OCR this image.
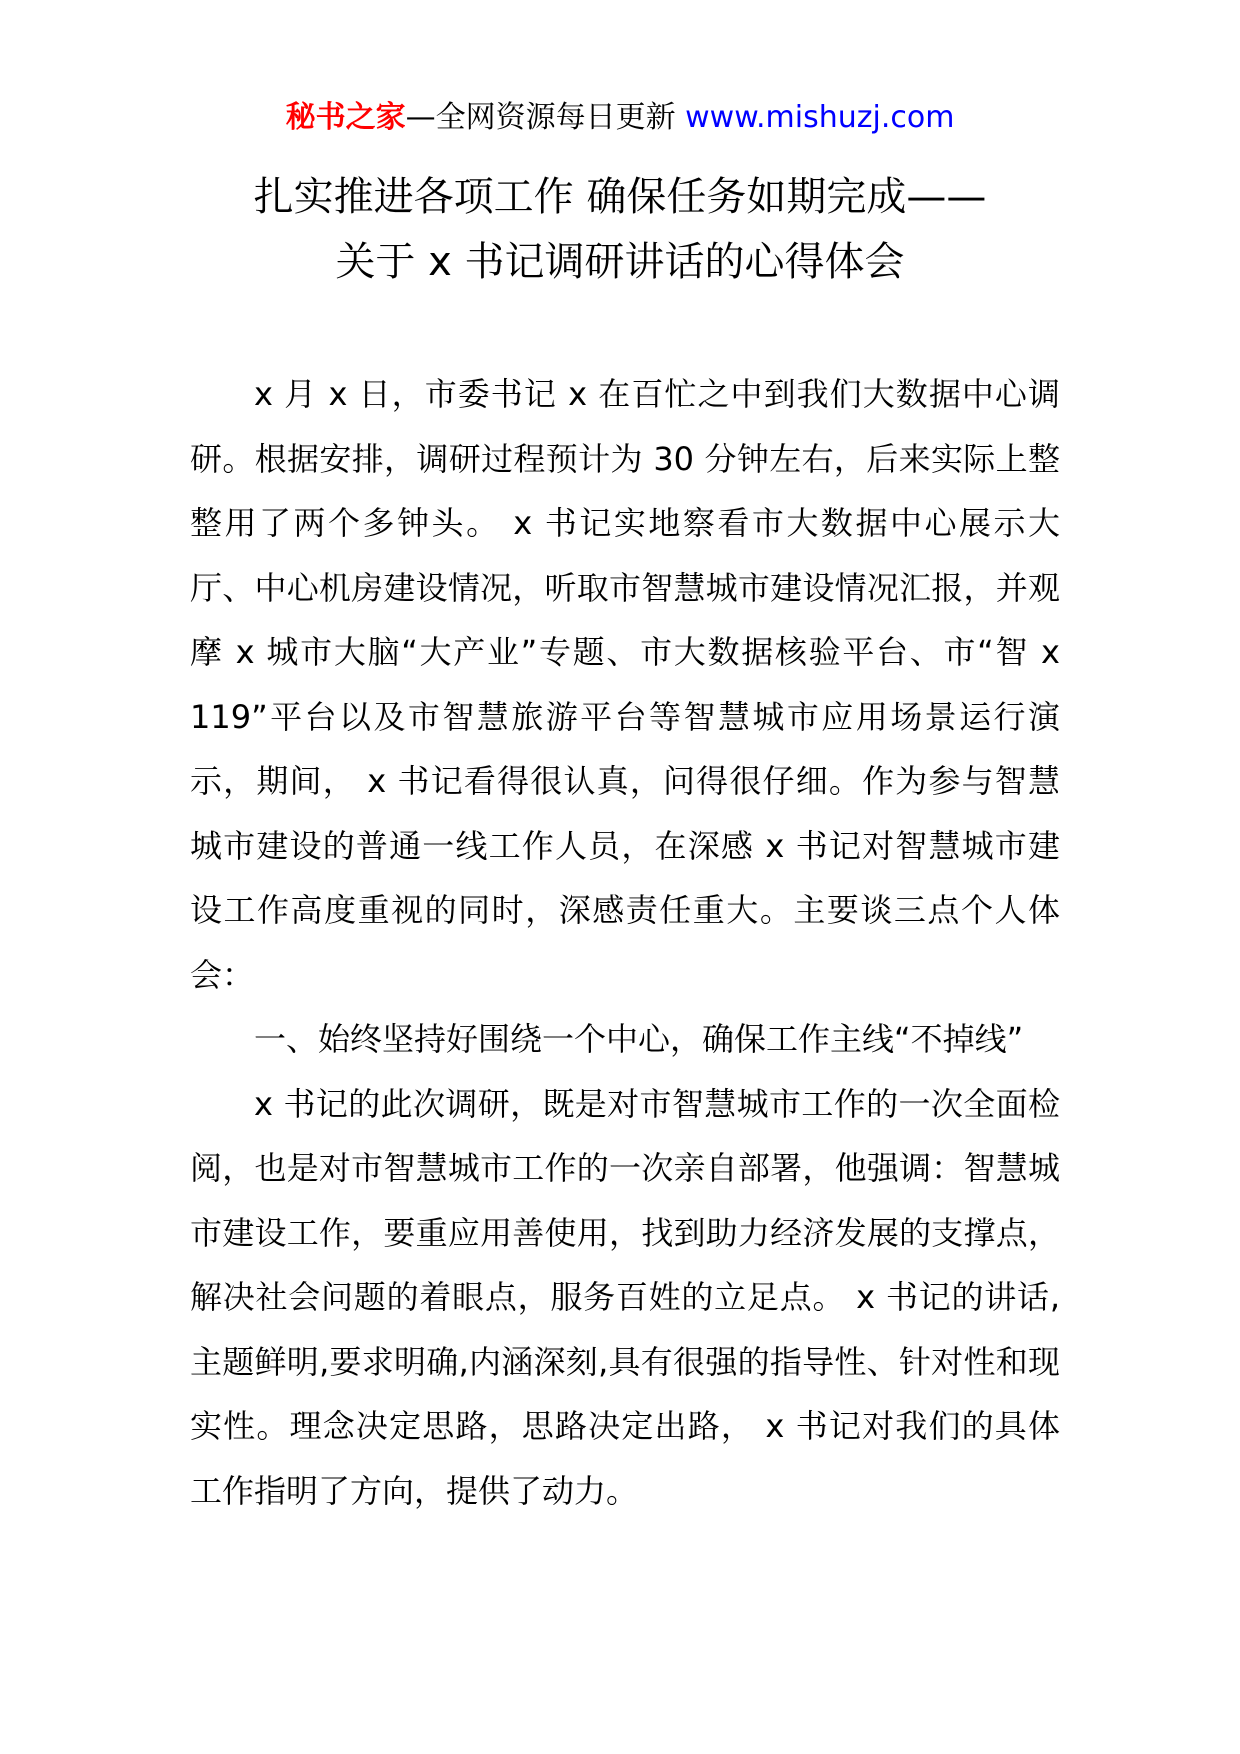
秘书之家—全网资源每日更新 www.mishuzj.com
扎实推进各项工作 确保任务如期完成——
关于 x 书记调研讲话的心得体会

x 月 x 日，市委书记 x 在百忙之中到我们大数据中心调研。根据安排，调研过程预计为 30 分钟左右，后来实际上整整用了两个多钟头。 x 书记实地察看市大数据中心展示大厅、中心机房建设情况，听取市智慧城市建设情况汇报，并观摩 x 城市大脑“大产业”专题、市大数据核验平台、市“智 x 119”平台以及市智慧旅游平台等智慧城市应用场景运行演示，期间， x 书记看得很认真，问得很仔细。作为参与智慧城市建设的普通一线工作人员，在深感 x 书记对智慧城市建设工作高度重视的同时，深感责任重大。主要谈三点个人体会：

一、始终坚持好围绕一个中心，确保工作主线“不掉线”

x 书记的此次调研，既是对市智慧城市工作的一次全面检阅，也是对市智慧城市工作的一次亲自部署，他强调：智慧城市建设工作，要重应用善使用，找到助力经济发展的支撑点，解决社会问题的着眼点，服务百姓的立足点。 x 书记的讲话,主题鲜明,要求明确,内涵深刻,具有很强的指导性、针对性和现实性。理念决定思路，思路决定出路， x 书记对我们的具体工作指明了方向，提供了动力。
